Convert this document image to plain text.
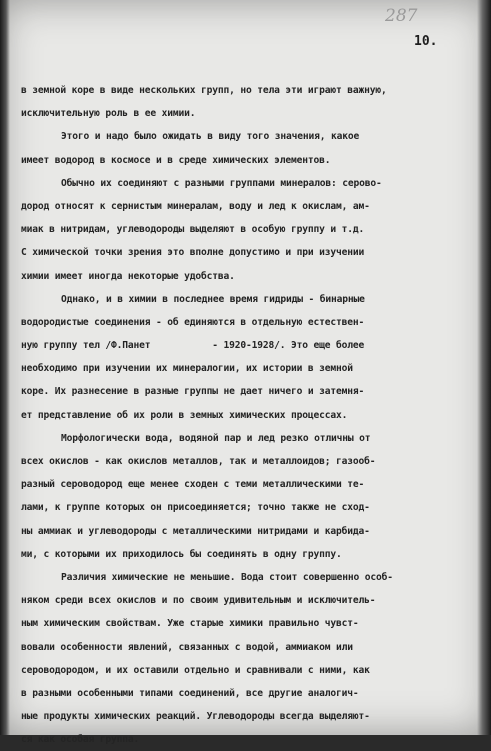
287
10.
в земной коре в виде нескольких групп, но тела эти играют важную,
исключительную роль в ее химии.
Этого и надо было ожидать в виду того значения, какое
имеет водород в космосе и в среде химических элементов.
Обычно их соединяют с разными группами минералов: серово-
дород относят к сернистым минералам, воду и лед к окислам, ам-
миак в нитридам, углеводороды выделяют в особую группу и т.д.
С химической точки зрения это вполне допустимо и при изучении
химии имеет иногда некоторые удобства.
Однако, и в химии в последнее время гидриды - бинарные
водородистые соединения - об единяются в отдельную естествен-
ную группу тел /Ф.Панет           - 1920-1928/. Это еще более
необходимо при изучении их минералогии, их истории в земной
коре. Их разнесение в разные группы не дает ничего и затемня-
ет представление об их роли в земных химических процессах.
Морфологически вода, водяной пар и лед резко отличны от
всех окислов - как окислов металлов, так и металлоидов; газооб-
разный сероводород еще менее сходен с теми металлическими те-
лами, к группе которых он присоединяется; точно также не сход-
ны аммиак и углеводороды с металлическими нитридами и карбида-
ми, с которыми их приходилось бы соединять в одну группу.
Различия химические не меньшие. Вода стоит совершенно особ-
няком среди всех окислов и по своим удивительным и исключитель-
ным химическим свойствам. Уже старые химики правильно чувст-
вовали особенности явлений, связанных с водой, аммиаком или
сероводородом, и их оставили отдельно и сравнивали с ними, как
в разными особенными типами соединений, все другие аналогич-
ные продукты химических реакций. Углеводороды всегда выделяют-
ся как особая группа.
